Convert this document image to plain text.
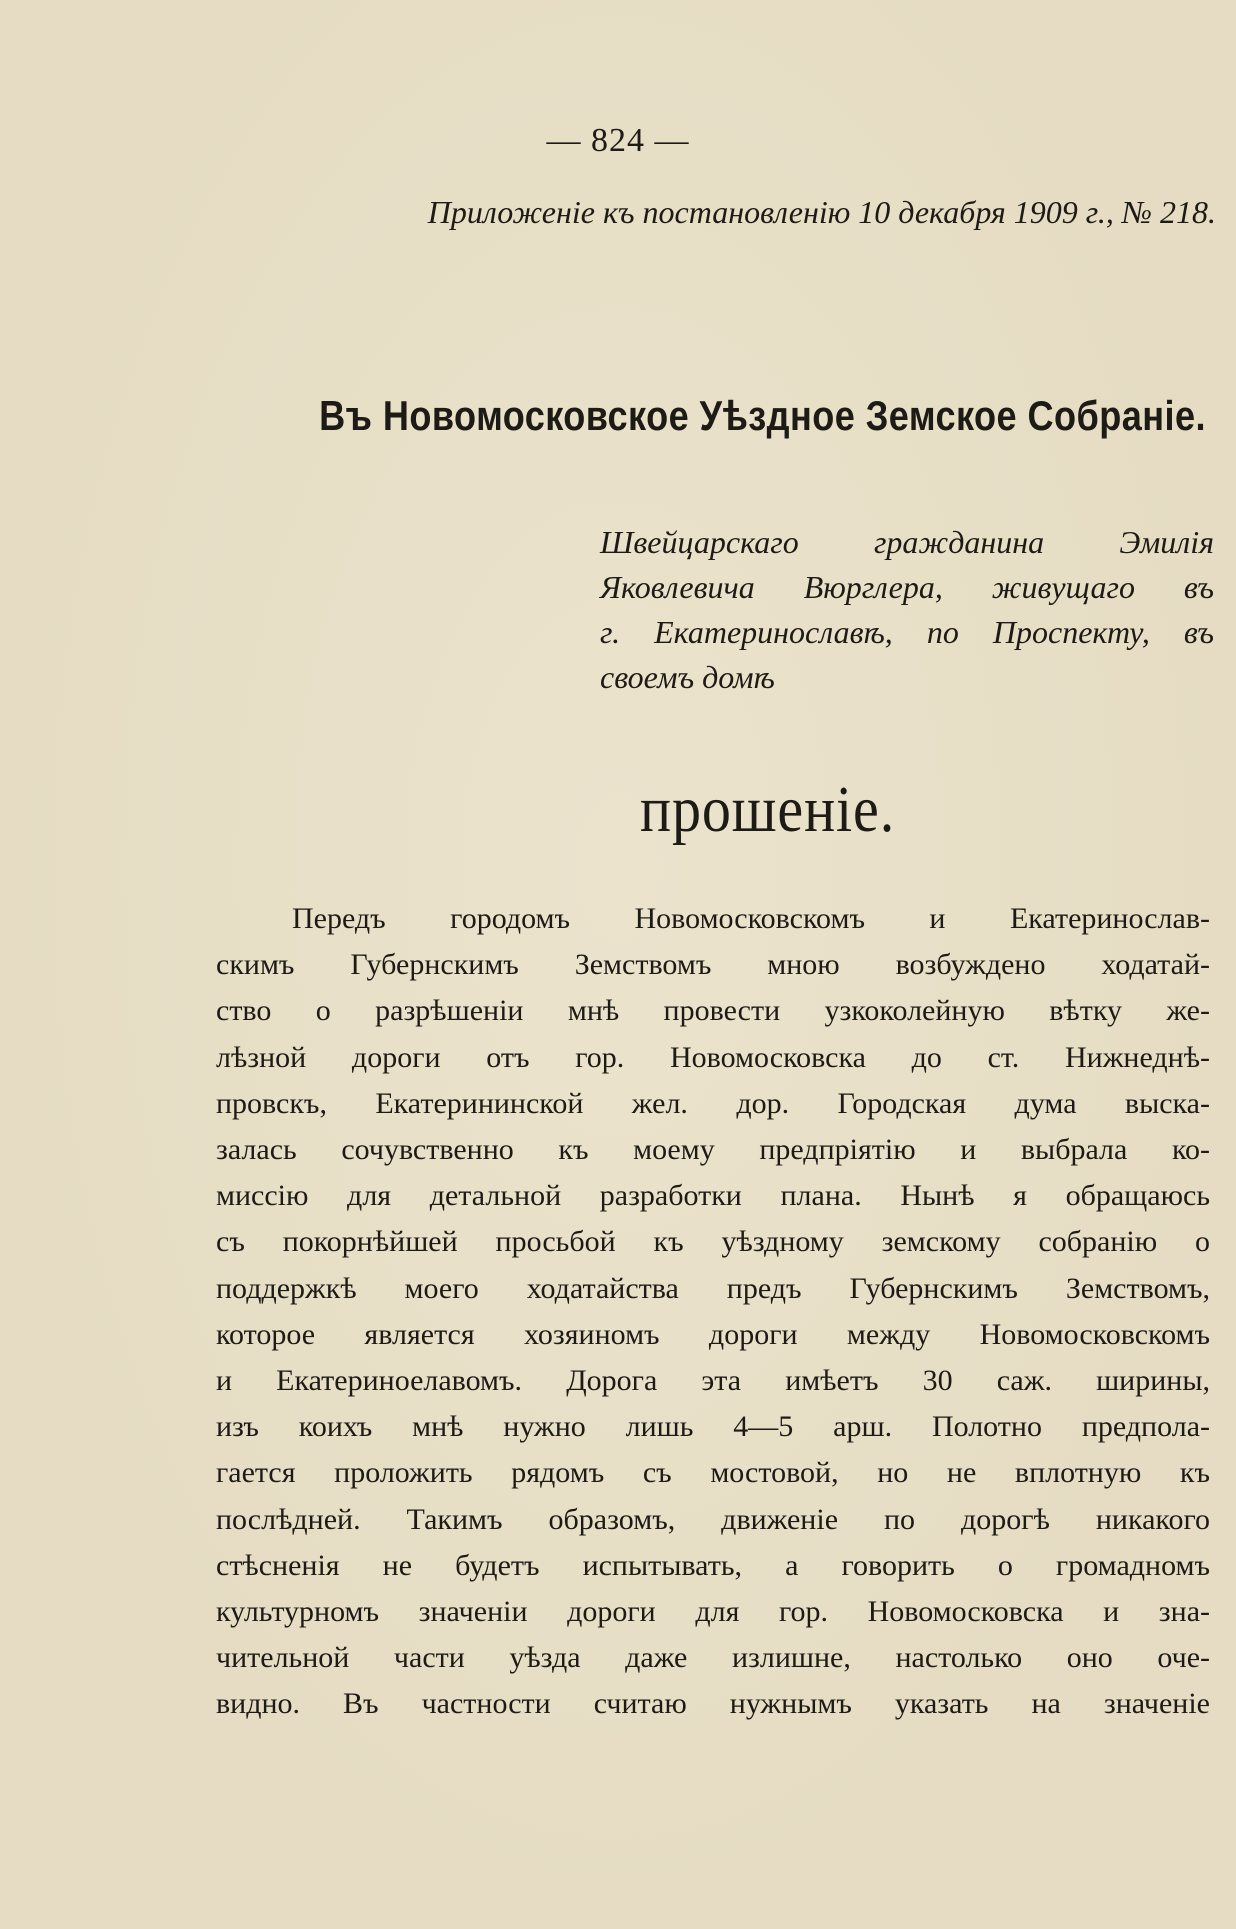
— 824 —
Приложеніе къ постановленію 10 декабря 1909 г., № 218.
Въ Новомосковское Уѣздное Земское Собраніе.
Швейцарскаго гражданина Эмилія
Яковлевича Вюрглера, живущаго въ
г. Екатеринославѣ, по Проспекту, въ
своемъ домѣ
прошеніе.
Передъ городомъ Новомосковскомъ и Екатеринослав-
скимъ Губернскимъ Земствомъ мною возбуждено ходатай-
ство о разрѣшеніи мнѣ провести узкоколейную вѣтку же-
лѣзной дороги отъ гор. Новомосковска до ст. Нижнеднѣ-
провскъ, Екатерининской жел. дор. Городская дума выска-
залась сочувственно къ моему предпріятію и выбрала ко-
миссію для детальной разработки плана. Нынѣ я обращаюсь
съ покорнѣйшей просьбой къ уѣздному земскому собранію о
поддержкѣ моего ходатайства предъ Губернскимъ Земствомъ,
которое является хозяиномъ дороги между Новомосковскомъ
и Екатериноелавомъ. Дорога эта имѣетъ 30 саж. ширины,
изъ коихъ мнѣ нужно лишь 4—5 арш. Полотно предпола-
гается проложить рядомъ съ мостовой, но не вплотную къ
послѣдней. Такимъ образомъ, движеніе по дорогѣ никакого
стѣсненія не будетъ испытывать, а говорить о громадномъ
культурномъ значеніи дороги для гор. Новомосковска и зна-
чительной части уѣзда даже излишне, настолько оно оче-
видно. Въ частности считаю нужнымъ указать на значеніе
